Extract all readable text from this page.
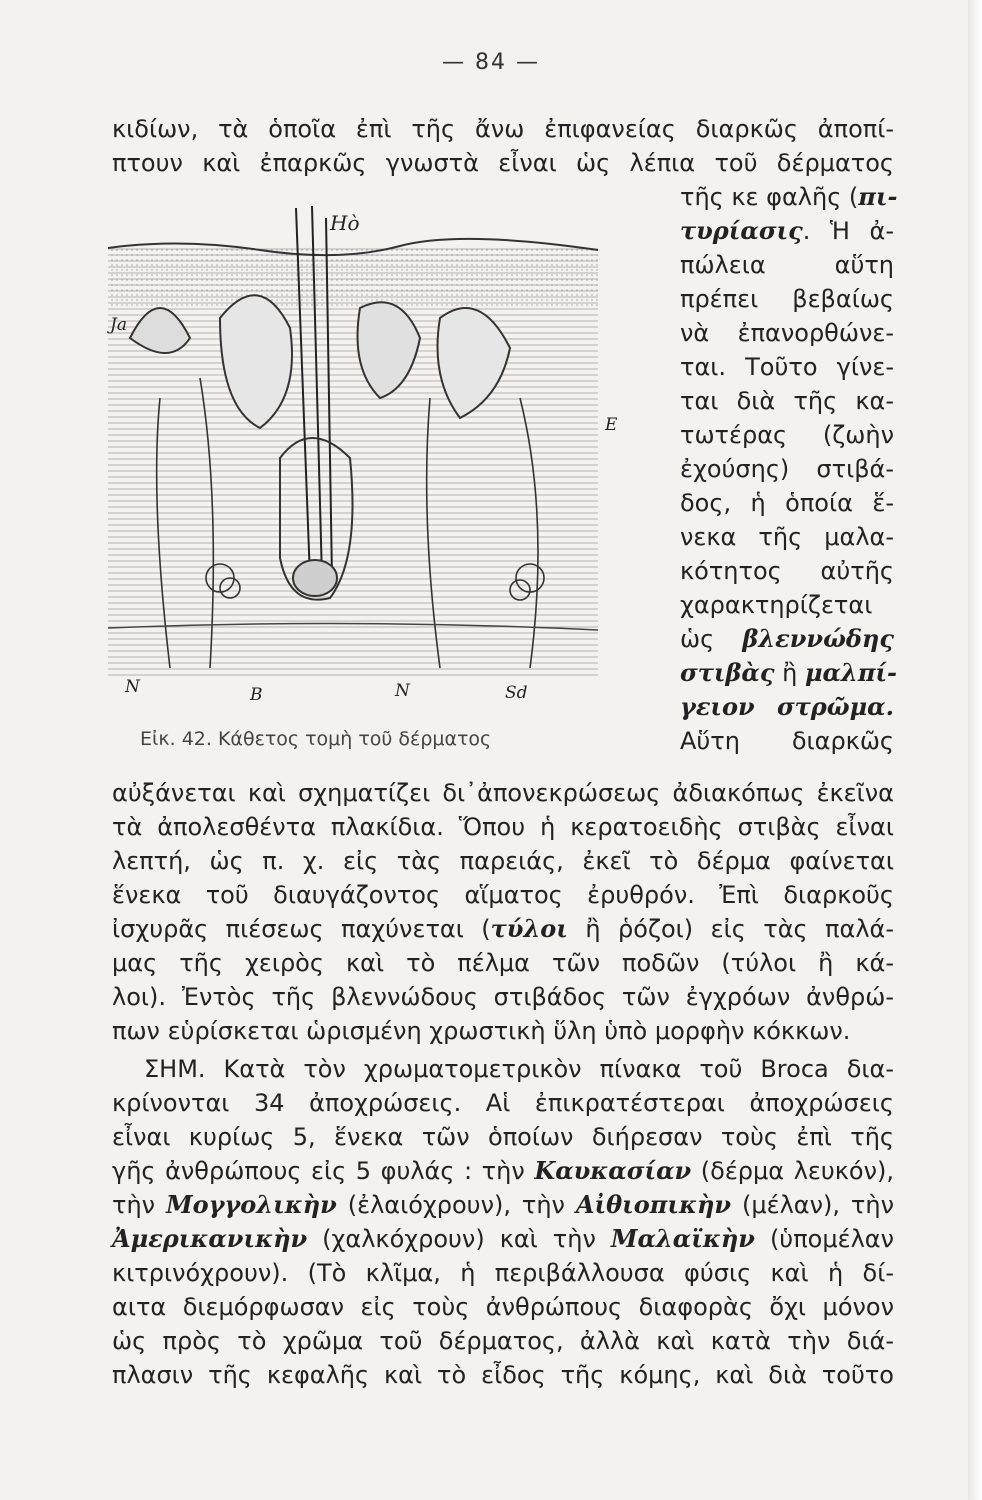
— 84 —
κιδίων, τὰ ὁποῖα ἐπὶ τῆς ἄνω ἐπιφανείας διαρκῶς ἀποπί-
πτουν καὶ ἐπαρκῶς γνωστὰ εἶναι ὡς λέπια τοῦ δέρματος
τῆς κε φαλῆς (πι-
τυρίασις. Ἡ ἀ-
πώλεια αὕτη
πρέπει βεβαίως
νὰ ἐπανορθώνε-
ται. Τοῦτο γίνε-
ται διὰ τῆς κα-
τωτέρας (ζωὴν
ἐχούσης) στιβά-
δος, ἡ ὁποία ἕ-
νεκα τῆς μαλα-
κότητος αὐτῆς
χαρακτηρίζεται
ὡς βλεννώδης
στιβὰς ἢ μαλπί-
γειον στρῶμα.
Αὕτη διαρκῶς
Hὸ
Ja
E
N	B	N	Sd
Εἰκ. 42. Κάθετος τομὴ τοῦ δέρματος
αὐξάνεται καὶ σχηματίζει δι᾽ἀπονεκρώσεως ἀδιακόπως ἐκεῖνα
τὰ ἀπολεσθέντα πλακίδια. Ὅπου ἡ κερατοειδὴς στιβὰς εἶναι
λεπτή, ὡς π. χ. εἰς τὰς παρειάς, ἐκεῖ τὸ δέρμα φαίνεται
ἕνεκα τοῦ διαυγάζοντος αἵματος ἐρυθρόν. Ἐπὶ διαρκοῦς
ἰσχυρᾶς πιέσεως παχύνεται (τύλοι ἢ ῥόζοι) εἰς τὰς παλά-
μας τῆς χειρὸς καὶ τὸ πέλμα τῶν ποδῶν (τύλοι ἢ κά-
λοι). Ἐντὸς τῆς βλεννώδους στιβάδος τῶν ἐγχρόων ἀνθρώ-
πων εὑρίσκεται ὡρισμένη χρωστικὴ ὕλη ὑπὸ μορφὴν κόκκων.
ΣΗΜ. Κατὰ τὸν χρωματομετρικὸν πίνακα τοῦ Broca δια-
κρίνονται 34 ἀποχρώσεις. Αἱ ἐπικρατέστεραι ἀποχρώσεις
εἶναι κυρίως 5, ἕνεκα τῶν ὁποίων διήρεσαν τοὺς ἐπὶ τῆς
γῆς ἀνθρώπους εἰς 5 φυλάς : τὴν Καυκασίαν (δέρμα λευκόν),
τὴν Μογγολικὴν (ἐλαιόχρουν), τὴν Αἰθιοπικὴν (μέλαν), τὴν
Ἀμερικανικὴν (χαλκόχρουν) καὶ τὴν Μαλαϊκὴν (ὑπομέλαν
κιτρινόχρουν). (Τὸ κλῖμα, ἡ περιβάλλουσα φύσις καὶ ἡ δί-
αιτα διεμόρφωσαν εἰς τοὺς ἀνθρώπους διαφορὰς ὄχι μόνον
ὡς πρὸς τὸ χρῶμα τοῦ δέρματος, ἀλλὰ καὶ κατὰ τὴν διά-
πλασιν τῆς κεφαλῆς καὶ τὸ εἶδος τῆς κόμης, καὶ διὰ τοῦτο
